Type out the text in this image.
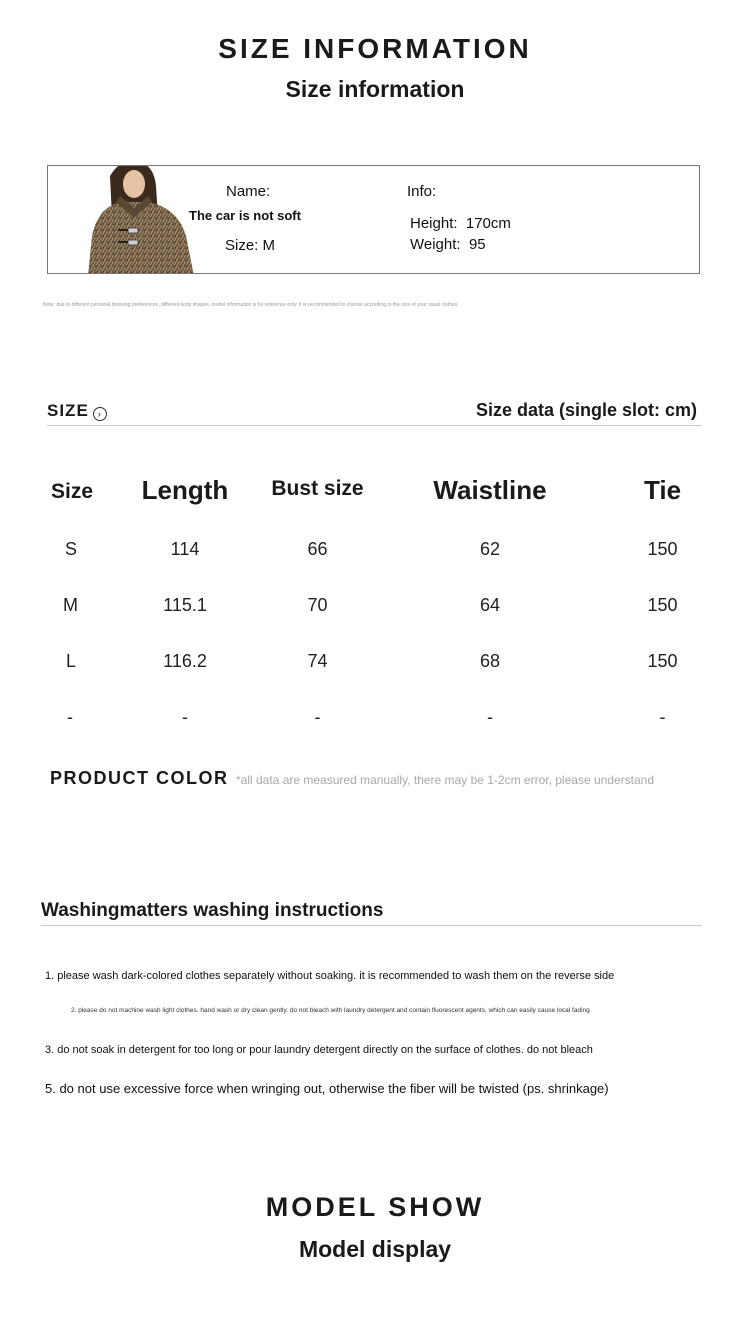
SIZE INFORMATION
Size information
Name:
The car is not soft
Size: M
Info:
Height: 170cm
Weight: 95
Note: due to different personal dressing preferences, different body shapes, model information is for reference only. it is recommended to choose according to the size of your usual clothes
SIZE ›	Size data (single slot: cm)
Size	Length	Bust size	Waistline	Tie
S	114	66	62	150
M	115.1	70	64	150
L	116.2	74	68	150
-	-	-	-	-
PRODUCT COLOR *all data are measured manually, there may be 1-2cm error, please understand
Washingmatters washing instructions
1. please wash dark-colored clothes separately without soaking. it is recommended to wash them on the reverse side
2. please do not machine wash light clothes. hand wash or dry clean gently. do not bleach with laundry detergent and contain fluorescent agents, which can easily cause local fading
3. do not soak in detergent for too long or pour laundry detergent directly on the surface of clothes. do not bleach
5. do not use excessive force when wringing out, otherwise the fiber will be twisted (ps. shrinkage)
MODEL SHOW
Model display
